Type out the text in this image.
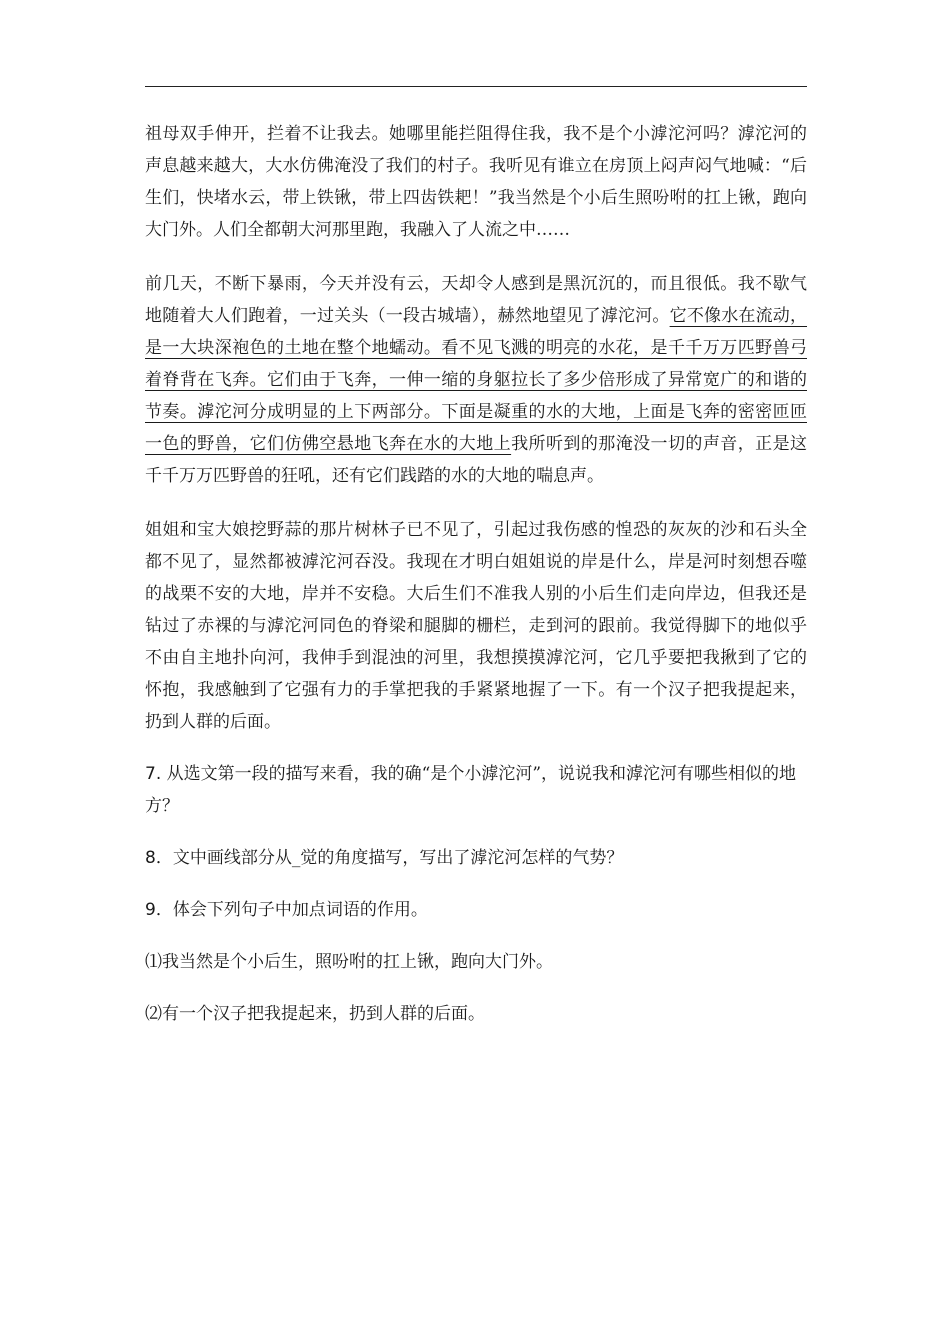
祖母双手伸开，拦着不让我去。她哪里能拦阻得住我，我不是个小滹沱河吗？滹沱河的声息越来越大，大水仿佛淹没了我们的村子。我听见有谁立在房顶上闷声闷气地喊：“后生们，快堵水云，带上铁锹，带上四齿铁耙！”我当然是个小后生照吩咐的扛上锹，跑向大门外。人们全都朝大河那里跑，我融入了人流之中……

前几天，不断下暴雨，今天并没有云，天却令人感到是黑沉沉的，而且很低。我不歇气地随着大人们跑着，一过关头（一段古城墙），赫然地望见了滹沱河。它不像水在流动，是一大块深袍色的土地在整个地蠕动。看不见飞溅的明亮的水花，是千千万万匹野兽弓着脊背在飞奔。它们由于飞奔，一伸一缩的身躯拉长了多少倍形成了异常宽广的和谐的节奏。滹沱河分成明显的上下两部分。下面是凝重的水的大地，上面是飞奔的密密匝匝一色的野兽，它们仿佛空悬地飞奔在水的大地上我所听到的那淹没一切的声音，正是这千千万万匹野兽的狂吼，还有它们践踏的水的大地的喘息声。

姐姐和宝大娘挖野蒜的那片树林子已不见了，引起过我伤感的惶恐的灰灰的沙和石头全都不见了，显然都被滹沱河吞没。我现在才明白姐姐说的岸是什么，岸是河时刻想吞噬的战栗不安的大地，岸并不安稳。大后生们不准我人别的小后生们走向岸边，但我还是钻过了赤裸的与滹沱河同色的脊梁和腿脚的栅栏，走到河的跟前。我觉得脚下的地似乎不由自主地扑向河，我伸手到混浊的河里，我想摸摸滹沱河，它几乎要把我揪到了它的怀抱，我感触到了它强有力的手掌把我的手紧紧地握了一下。有一个汉子把我提起来，扔到人群的后面。

7. 从选文第一段的描写来看，我的确“是个小滹沱河”，说说我和滹沱河有哪些相似的地方？

8．文中画线部分从_觉的角度描写，写出了滹沱河怎样的气势？

9．体会下列句子中加点词语的作用。

⑴我当然是个小后生，照吩咐的扛上锹，跑向大门外。

⑵有一个汉子把我提起来，扔到人群的后面。
